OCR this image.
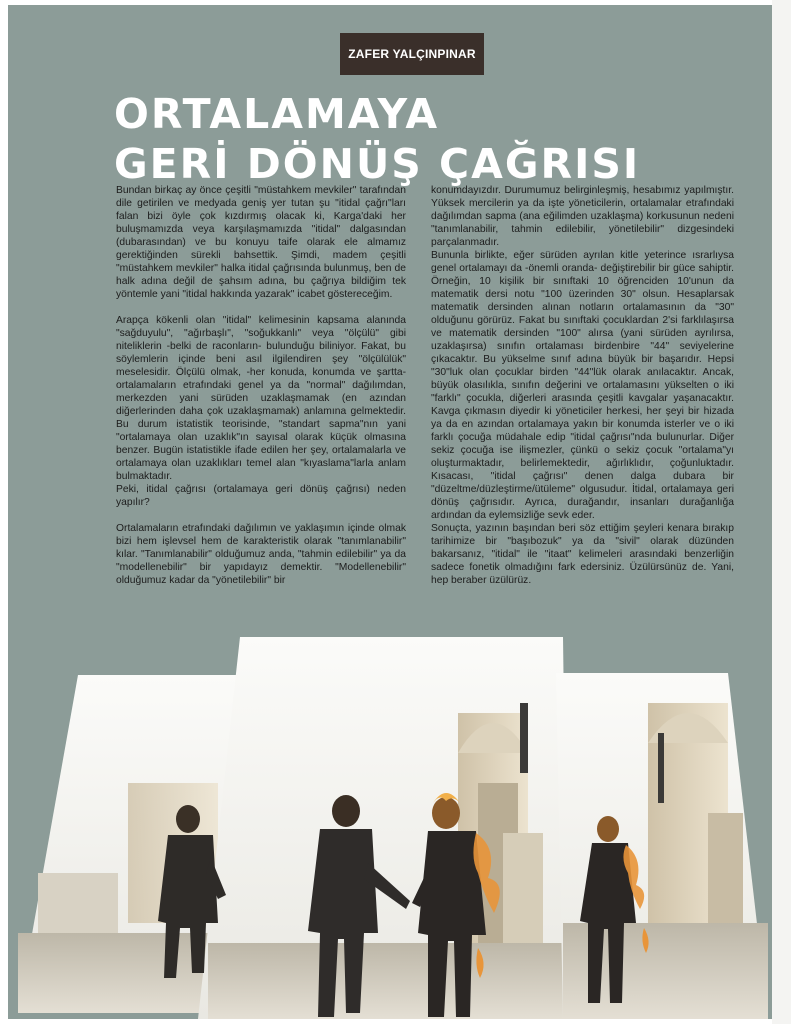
ZAFER YALÇINPINAR
ORTALAMAYA
GERİ DÖNÜŞ ÇAĞRISI

Bundan birkaç ay önce çeşitli "müstahkem mevkiler" tarafından dile getirilen ve medyada geniş yer tutan şu "itidal çağrı"ları falan bizi öyle çok kızdırmış olacak ki, Karga'daki her buluşmamızda veya karşılaşmamızda "itidal" dalgasından (dubarasından) ve bu konuyu taife olarak ele almamız gerektiğinden sürekli bahsettik. Şimdi, madem çeşitli "müstahkem mevkiler" halka itidal çağrısında bulunmuş, ben de halk adına değil de şahsım adına, bu çağrıya bildiğim tek yöntemle yani "itidal hakkında yazarak" icabet göstereceğim.

Arapça kökenli olan "itidal" kelimesinin kapsama alanında "sağduyulu", "ağırbaşlı", "soğukkanlı" veya "ölçülü" gibi niteliklerin -belki de raconların- bulunduğu biliniyor. Fakat, bu söylemlerin içinde beni asıl ilgilendiren şey "ölçülülük" meselesidir. Ölçülü olmak, -her konuda, konumda ve şartta- ortalamaların etrafındaki genel ya da "normal" dağılımdan, merkezden yani sürüden uzaklaşmamak (en azından diğerlerinden daha çok uzaklaşmamak) anlamına gelmektedir. Bu durum istatistik teorisinde, "standart sapma"nın yani "ortalamaya olan uzaklık"ın sayısal olarak küçük olmasına benzer. Bugün istatistikle ifade edilen her şey, ortalamalarla ve ortalamaya olan uzaklıkları temel alan "kıyaslama"larla anlam bulmaktadır.

Peki, itidal çağrısı (ortalamaya geri dönüş çağrısı) neden yapılır?

Ortalamaların etrafındaki dağılımın ve yaklaşımın içinde olmak bizi hem işlevsel hem de karakteristik olarak "tanımlanabilir" kılar. "Tanımlanabilir" olduğumuz anda, "tahmin edilebilir" ya da "modellenebilir" bir yapıdayız demektir. "Modellenebilir" olduğumuz kadar da "yönetilebilir" bir

konumdayızdır. Durumumuz belirginleşmiş, hesabımız yapılmıştır. Yüksek mercilerin ya da işte yöneticilerin, ortalamalar etrafındaki dağılımdan sapma (ana eğilimden uzaklaşma) korkusunun nedeni "tanımlanabilir, tahmin edilebilir, yönetilebilir" dizgesindeki parçalanmadır.

Bununla birlikte, eğer sürüden ayrılan kitle yeterince ısrarlıysa genel ortalamayı da -önemli oranda- değiştirebilir bir güce sahiptir. Örneğin, 10 kişilik bir sınıftaki 10 öğrenciden 10'unun da matematik dersi notu "100 üzerinden 30" olsun. Hesaplarsak matematik dersinden alınan notların ortalamasının da "30" olduğunu görürüz. Fakat bu sınıftaki çocuklardan 2'si farklılaşırsa ve matematik dersinden "100" alırsa (yani sürüden ayrılırsa, uzaklaşırsa) sınıfın ortalaması birdenbire "44" seviyelerine çıkacaktır. Bu yükselme sınıf adına büyük bir başarıdır. Hepsi "30"luk olan çocuklar birden "44"lük olarak anılacaktır. Ancak, büyük olasılıkla, sınıfın değerini ve ortalamasını yükselten o iki "farklı" çocukla, diğerleri arasında çeşitli kavgalar yaşanacaktır. Kavga çıkmasın diyedir ki yöneticiler herkesi, her şeyi bir hizada ya da en azından ortalamaya yakın bir konumda isterler ve o iki farklı çocuğa müdahale edip "itidal çağrısı"nda bulunurlar. Diğer sekiz çocuğa ise ilişmezler, çünkü o sekiz çocuk "ortalama"yı oluşturmaktadır, belirlemektedir, ağırlıklıdır, çoğunluktadır. Kısacası, "itidal çağrısı" denen dalga dubara bir "düzeltme/düzleştirme/ütüleme" olgusudur. İtidal, ortalamaya geri dönüş çağrısıdır. Ayrıca, durağandır, insanları durağanlığa ardından da eylemsizliğe sevk eder.

Sonuçta, yazının başından beri söz ettiğim şeyleri kenara bırakıp tarihimize bir "başıbozuk" ya da "sivil" olarak düzünden bakarsanız, "itidal" ile "itaat" kelimeleri arasındaki benzerliğin sadece fonetik olmadığını fark edersiniz. Üzülürsünüz de. Yani, hep beraber üzülürüz.
